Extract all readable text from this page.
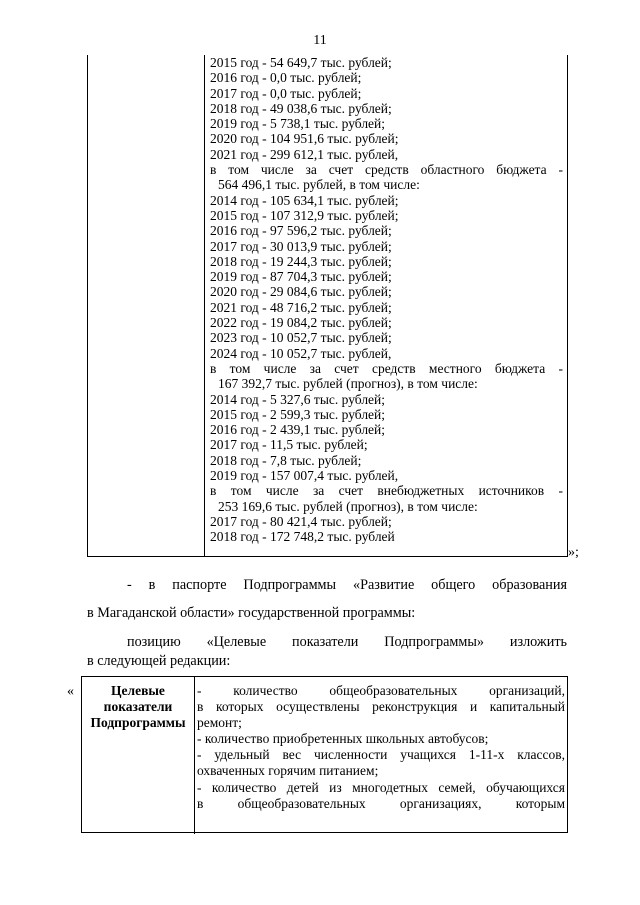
11
2015 год - 54 649,7 тыс. рублей;
2016 год - 0,0 тыс. рублей;
2017 год - 0,0 тыс. рублей;
2018 год - 49 038,6 тыс. рублей;
2019 год - 5 738,1 тыс. рублей;
2020 год - 104 951,6 тыс. рублей;
2021 год - 299 612,1 тыс. рублей,
в том числе за счет средств областного бюджета -
564 496,1 тыс. рублей, в том числе:
2014 год - 105 634,1 тыс. рублей;
2015 год - 107 312,9 тыс. рублей;
2016 год - 97 596,2 тыс. рублей;
2017 год - 30 013,9 тыс. рублей;
2018 год - 19 244,3 тыс. рублей;
2019 год - 87 704,3 тыс. рублей;
2020 год - 29 084,6 тыс. рублей;
2021 год - 48 716,2 тыс. рублей;
2022 год - 19 084,2 тыс. рублей;
2023 год - 10 052,7 тыс. рублей;
2024 год - 10 052,7 тыс. рублей,
в том числе за счет средств местного бюджета -
167 392,7 тыс. рублей (прогноз), в том числе:
2014 год - 5 327,6 тыс. рублей;
2015 год - 2 599,3 тыс. рублей;
2016 год - 2 439,1 тыс. рублей;
2017 год - 11,5 тыс. рублей;
2018 год - 7,8 тыс. рублей;
2019 год - 157 007,4 тыс. рублей,
в том числе за счет внебюджетных источников -
253 169,6 тыс. рублей (прогноз), в том числе:
2017 год - 80 421,4 тыс. рублей;
2018 год - 172 748,2 тыс. рублей
»;
- в паспорте Подпрограммы «Развитие общего образования
в Магаданской области» государственной программы:
позицию «Целевые показатели Подпрограммы» изложить
в следующей редакции:
«	Целевые
показатели
Подпрограммы
- количество общеобразовательных организаций,
в которых осуществлены реконструкция и капитальный
ремонт;
- количество приобретенных школьных автобусов;
- удельный вес численности учащихся 1-11-х классов,
охваченных горячим питанием;
- количество детей из многодетных семей, обучающихся
в общеобразовательных организациях, которым
